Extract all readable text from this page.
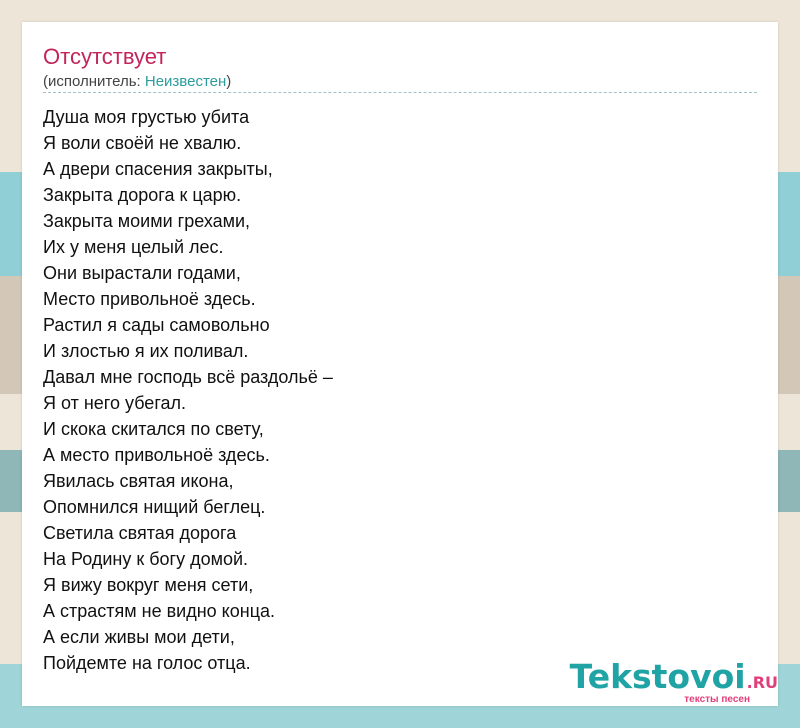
Отсутствует
(исполнитель: Неизвестен)
Душа моя грустью убита
Я воли своёй не хвалю.
А двери спасения закрыты,
Закрыта дорога к царю.
Закрыта моими грехами,
Их у меня целый лес.
Они вырастали годами,
Место привольноё здесь.
Растил я сады самовольно
И злостью я их поливал.
Давал мне господь всё раздольё –
Я от него убегал.
И скока скитался по свету,
А место привольноё здесь.
Явилась святая икона,
Опомнился нищий беглец.
Светила святая дорога
На Родину к богу домой.
Я вижу вокруг меня сети,
А страстям не видно конца.
А если живы мои дети,
Пойдемте на голос отца.	Tekstovoi.RU
тексты песен
